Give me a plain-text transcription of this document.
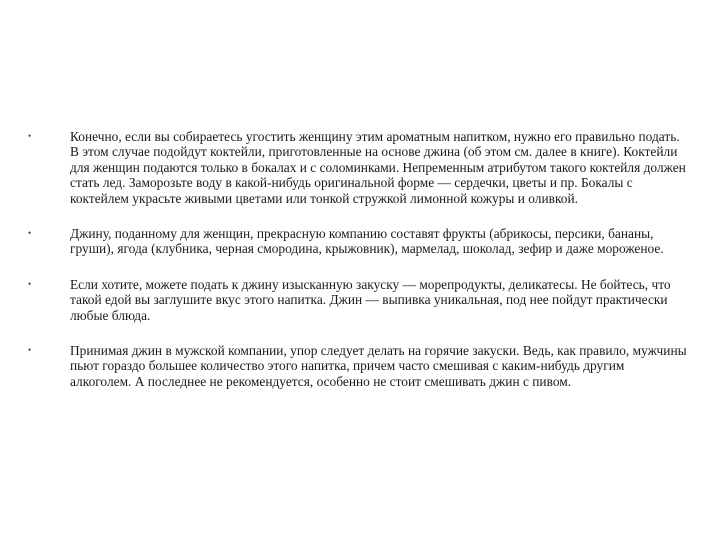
•	Конечно, если вы собираетесь угостить женщину этим ароматным напитком, нужно его правильно подать. В этом случае подойдут коктейли, приготовленные на основе джина (об этом см. далее в книге). Коктейли для женщин подаются только в бокалах и с соломинками. Непременным атрибутом такого коктейля должен стать лед. Заморозьте воду в какой-нибудь оригинальной форме — сердечки, цветы и пр. Бокалы с коктейлем украсьте живыми цветами или тонкой стружкой лимонной кожуры и оливкой.
•	Джину, поданному для женщин, прекрасную компанию составят фрукты (абрикосы, персики, бананы, груши), ягода (клубника, черная смородина, крыжовник), мармелад, шоколад, зефир и даже мороженое.
•	Если хотите, можете подать к джину изысканную закуску — морепродукты, деликатесы. Не бойтесь, что такой едой вы заглушите вкус этого напитка. Джин — выпивка уникальная, под нее пойдут практически любые блюда.
•	Принимая джин в мужской компании, упор следует делать на горячие закуски. Ведь, как правило, мужчины пьют гораздо большее количество этого напитка, причем часто смешивая с каким-нибудь другим алкоголем. А последнее не рекомендуется, особенно не стоит смешивать джин с пивом.
